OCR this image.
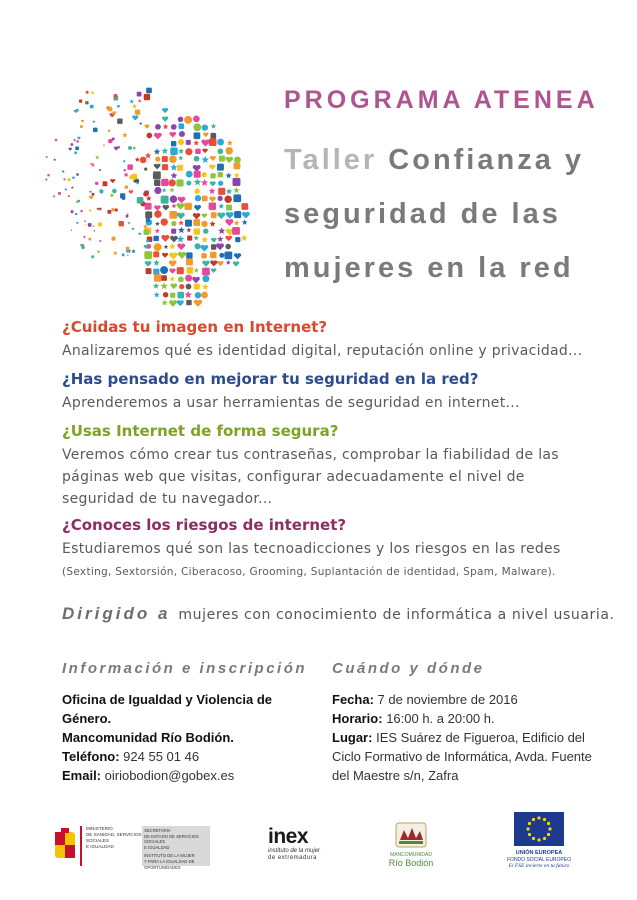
PROGRAMA ATENEA
Taller Confianza y
seguridad de las
mujeres en la red
¿Cuidas tu imagen en Internet?
Analizaremos qué es identidad digital, reputación online y privacidad...
¿Has pensado en mejorar tu seguridad en la red?
Aprenderemos a usar herramientas de seguridad en internet...
¿Usas Internet de forma segura?
Veremos cómo crear tus contraseñas, comprobar la fiabilidad de las páginas web que visitas, configurar adecuadamente el nivel de seguridad de tu navegador...
¿Conoces los riesgos de internet?
Estudiaremos qué son las tecnoadicciones y los riesgos en las redes (Sexting, Sextorsión, Ciberacoso, Grooming, Suplantación de identidad, Spam, Malware).
Dirigido a mujeres con conocimiento de informática a nivel usuaria.
Información e inscripción
Oficina de Igualdad y Violencia de Género.
Mancomunidad Río Bodión.
Teléfono: 924 55 01 46
Email: oiriobodion@gobex.es
Cuándo y dónde
Fecha: 7 de noviembre de 2016
Horario: 16:00 h. a 20:00 h.
Lugar: IES Suárez de Figueroa, Edificio del
Ciclo Formativo de Informática, Avda. Fuente
del Maestre s/n, Zafra
MINISTERIO
DE SANIDAD, SERVICIOS SOCIALES
E IGUALDAD
SECRETARÍA
DE ESTADO DE SERVICIOS SOCIALES
E IGUALDAD
INSTITUTO DE LA MUJER
Y PARA LA IGUALDAD DE OPORTUNIDADES
inex
instituto de la mujer
de extremadura	MANCOMUNIDAD
Río Bodión
UNIÓN EUROPEA
FONDO SOCIAL EUROPEO
El FSE invierte en tu futuro
